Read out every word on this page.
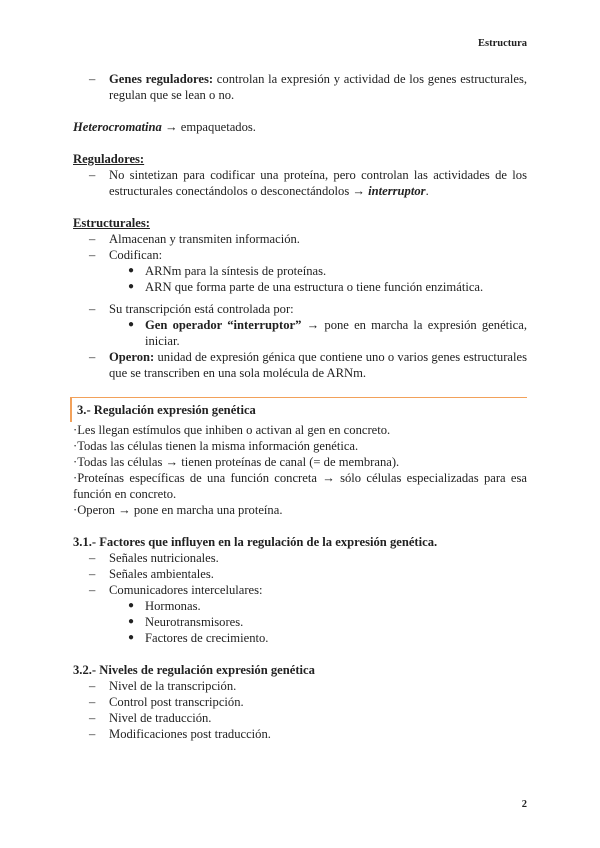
Estructura
– Genes reguladores: controlan la expresión y actividad de los genes estructurales, regulan que se lean o no.
Heterocromatina → empaquetados.
Reguladores:
– No sintetizan para codificar una proteína, pero controlan las actividades de los estructurales conectándolos o desconectándolos → interruptor.
Estructurales:
– Almacenan y transmiten información.
– Codifican:
● ARNm para la síntesis de proteínas.
● ARN que forma parte de una estructura o tiene función enzimática.
– Su transcripción está controlada por:
● Gen operador “interruptor” → pone en marcha la expresión genética, iniciar.
– Operon: unidad de expresión génica que contiene uno o varios genes estructurales que se transcriben en una sola molécula de ARNm.
3.- Regulación expresión genética
·Les llegan estímulos que inhiben o activan al gen en concreto.
·Todas las células tienen la misma información genética.
·Todas las células → tienen proteínas de canal (= de membrana).
·Proteínas específicas de una función concreta → sólo células especializadas para esa función en concreto.
·Operon → pone en marcha una proteína.
3.1.- Factores que influyen en la regulación de la expresión genética.
– Señales nutricionales.
– Señales ambientales.
– Comunicadores intercelulares:
● Hormonas.
● Neurotransmisores.
● Factores de crecimiento.
3.2.- Niveles de regulación expresión genética
– Nivel de la transcripción.
– Control post transcripción.
– Nivel de traducción.
– Modificaciones post traducción.
2
